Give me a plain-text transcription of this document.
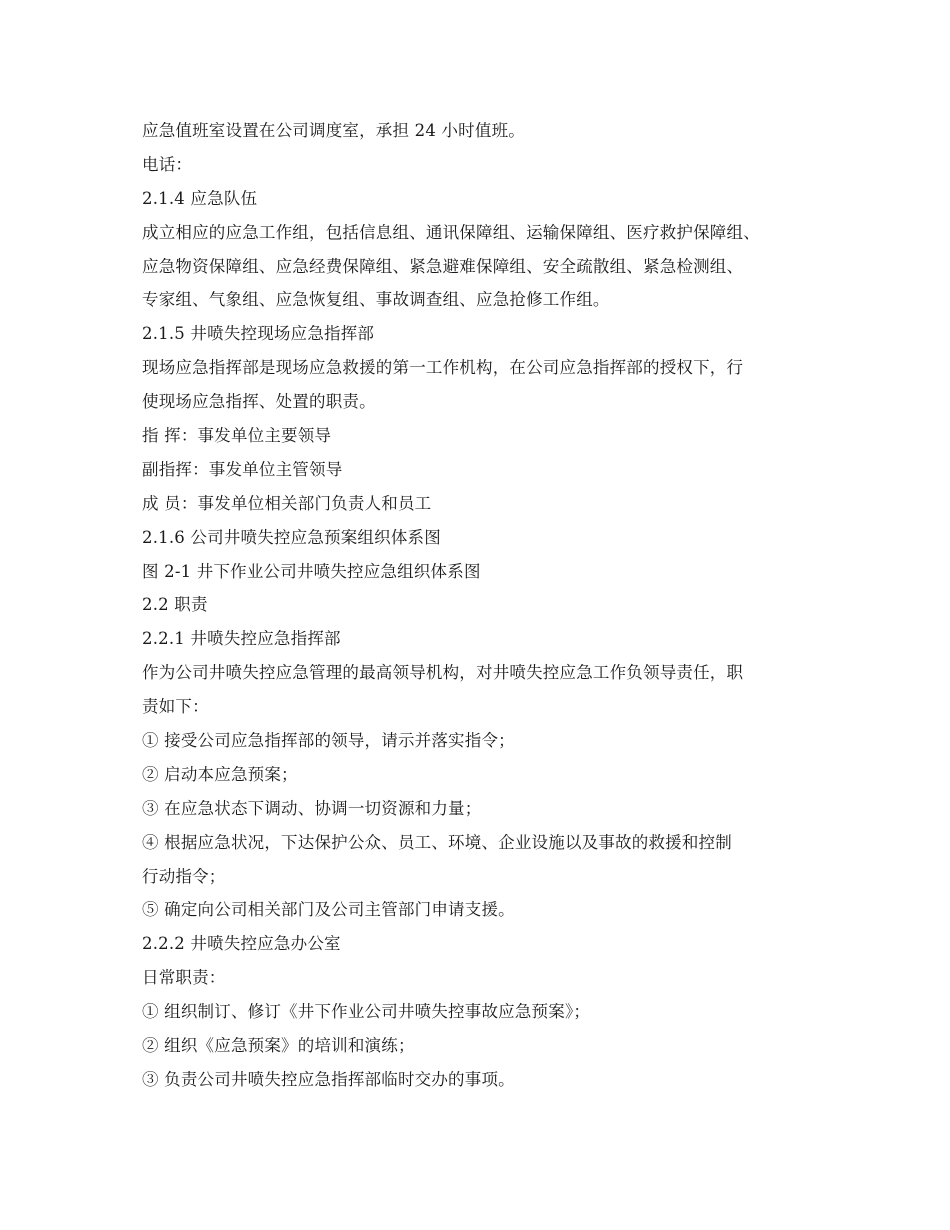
应急值班室设置在公司调度室，承担 24 小时值班。
电话：
2.1.4 应急队伍
成立相应的应急工作组，包括信息组、通讯保障组、运输保障组、医疗救护保障组、
应急物资保障组、应急经费保障组、紧急避难保障组、安全疏散组、紧急检测组、
专家组、气象组、应急恢复组、事故调查组、应急抢修工作组。
2.1.5 井喷失控现场应急指挥部
现场应急指挥部是现场应急救援的第一工作机构，在公司应急指挥部的授权下，行
使现场应急指挥、处置的职责。
指 挥：事发单位主要领导
副指挥：事发单位主管领导
成 员：事发单位相关部门负责人和员工
2.1.6 公司井喷失控应急预案组织体系图
图 2-1 井下作业公司井喷失控应急组织体系图
2.2 职责
2.2.1 井喷失控应急指挥部
作为公司井喷失控应急管理的最高领导机构，对井喷失控应急工作负领导责任，职
责如下：
① 接受公司应急指挥部的领导，请示并落实指令；
② 启动本应急预案；
③ 在应急状态下调动、协调一切资源和力量；
④ 根据应急状况，下达保护公众、员工、环境、企业设施以及事故的救援和控制
行动指令；
⑤ 确定向公司相关部门及公司主管部门申请支援。
2.2.2 井喷失控应急办公室
日常职责：
① 组织制订、修订《井下作业公司井喷失控事故应急预案》；
② 组织《应急预案》的培训和演练；
③ 负责公司井喷失控应急指挥部临时交办的事项。
